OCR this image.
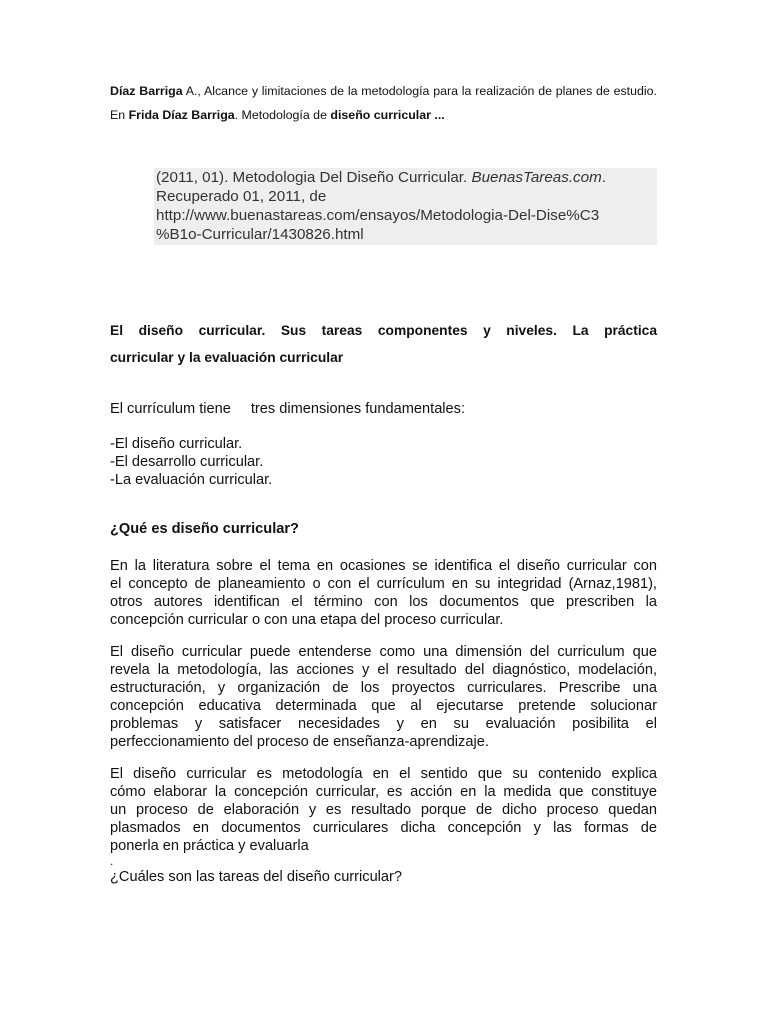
Díaz Barriga A., Alcance y limitaciones de la metodología para la realización de planes de estudio. En Frida Díaz Barriga. Metodología de diseño curricular ...
(2011, 01). Metodologia Del Diseño Curricular. BuenasTareas.com.
Recuperado 01, 2011, de
http://www.buenastareas.com/ensayos/Metodologia-Del-Dise%C3
%B1o-Curricular/1430826.html
El diseño curricular. Sus tareas componentes y niveles. La práctica
curricular y la evaluación curricular
El currículum tiene tres dimensiones fundamentales:
-El diseño curricular.
-El desarrollo curricular.
-La evaluación curricular.
¿Qué es diseño curricular?
En la literatura sobre el tema en ocasiones se identifica el diseño curricular con
el concepto de planeamiento o con el currículum en su integridad (Arnaz,1981),
otros autores identifican el término con los documentos que prescriben la
concepción curricular o con una etapa del proceso curricular.
El diseño curricular puede entenderse como una dimensión del curriculum que
revela la metodología, las acciones y el resultado del diagnóstico, modelación,
estructuración, y organización de los proyectos curriculares. Prescribe una
concepción educativa determinada que al ejecutarse pretende solucionar
problemas y satisfacer necesidades y en su evaluación posibilita el
perfeccionamiento del proceso de enseñanza-aprendizaje.
El diseño curricular es metodología en el sentido que su contenido explica
cómo elaborar la concepción curricular, es acción en la medida que constituye
un proceso de elaboración y es resultado porque de dicho proceso quedan
plasmados en documentos curriculares dicha concepción y las formas de
ponerla en práctica y evaluarla
.
¿Cuáles son las tareas del diseño curricular?
